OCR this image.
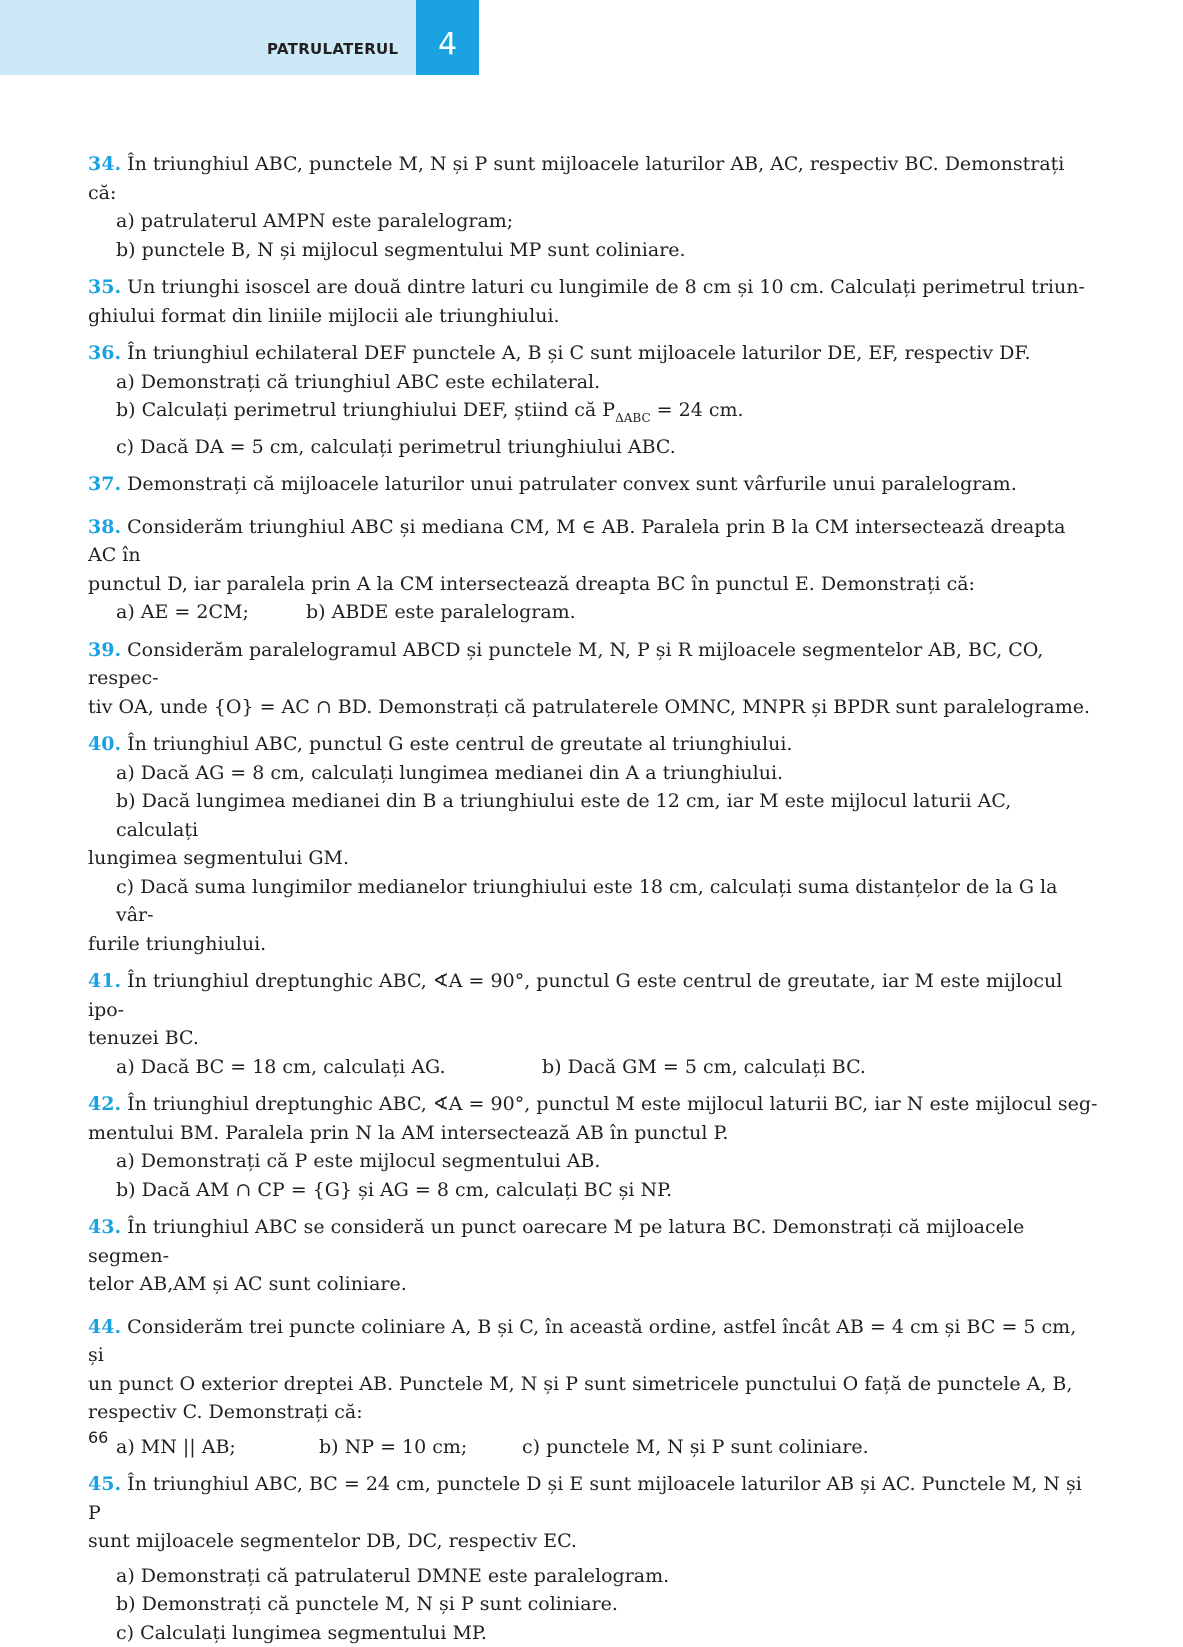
PATRULATERUL	4
34. În triunghiul ABC, punctele M, N și P sunt mijloacele laturilor AB, AC, respectiv BC. Demonstrați că:
a) patrulaterul AMPN este paralelogram;
b) punctele B, N și mijlocul segmentului MP sunt coliniare.
35. Un triunghi isoscel are două dintre laturi cu lungimile de 8 cm și 10 cm. Calculați perimetrul triun-
ghiului format din liniile mijlocii ale triunghiului.
36. În triunghiul echilateral DEF punctele A, B și C sunt mijloacele laturilor DE, EF, respectiv DF.
a) Demonstrați că triunghiul ABC este echilateral.
b) Calculați perimetrul triunghiului DEF, știind că $P_{\Delta ABC} = 24$ cm.
c) Dacă DA = 5 cm, calculați perimetrul triunghiului ABC.
37. Demonstrați că mijloacele laturilor unui patrulater convex sunt vârfurile unui paralelogram.
38. Considerăm triunghiul ABC și mediana CM, M ∈ AB. Paralela prin B la CM intersectează dreapta AC în
punctul D, iar paralela prin A la CM intersectează dreapta BC în punctul E. Demonstrați că:
a) AE = 2CM;	b) ABDE este paralelogram.
39. Considerăm paralelogramul ABCD și punctele M, N, P și R mijloacele segmentelor AB, BC, CO, respec-
tiv OA, unde {O} = AC ∩ BD. Demonstrați că patrulaterele OMNC, MNPR și BPDR sunt paralelograme.
40. În triunghiul ABC, punctul G este centrul de greutate al triunghiului.
a) Dacă AG = 8 cm, calculați lungimea medianei din A a triunghiului.
b) Dacă lungimea medianei din B a triunghiului este de 12 cm, iar M este mijlocul laturii AC, calculați
lungimea segmentului GM.
c) Dacă suma lungimilor medianelor triunghiului este 18 cm, calculați suma distanțelor de la G la vâr-
furile triunghiului.
41. În triunghiul dreptunghic ABC, ∢A = 90°, punctul G este centrul de greutate, iar M este mijlocul ipo-
tenuzei BC.
a) Dacă BC = 18 cm, calculați AG.	b) Dacă GM = 5 cm, calculați BC.
42. În triunghiul dreptunghic ABC, ∢A = 90°, punctul M este mijlocul laturii BC, iar N este mijlocul seg-
mentului BM. Paralela prin N la AM intersectează AB în punctul P.
a) Demonstrați că P este mijlocul segmentului AB.
b) Dacă AM ∩ CP = {G} și AG = 8 cm, calculați BC și NP.
43. În triunghiul ABC se consideră un punct oarecare M pe latura BC. Demonstrați că mijloacele segmen-
telor AB,AM și AC sunt coliniare.
44. Considerăm trei puncte coliniare A, B și C, în această ordine, astfel încât AB = 4 cm și BC = 5 cm, și
un punct O exterior dreptei AB. Punctele M, N și P sunt simetricele punctului O față de punctele A, B,
respectiv C. Demonstrați că:
a) MN || AB;	b) NP = 10 cm;	c) punctele M, N și P sunt coliniare.
45. În triunghiul ABC, BC = 24 cm, punctele D și E sunt mijloacele laturilor AB și AC. Punctele M, N și P
sunt mijloacele segmentelor DB, DC, respectiv EC.
a) Demonstrați că patrulaterul DMNE este paralelogram.
b) Demonstrați că punctele M, N și P sunt coliniare.
c) Calculați lungimea segmentului MP.
66
